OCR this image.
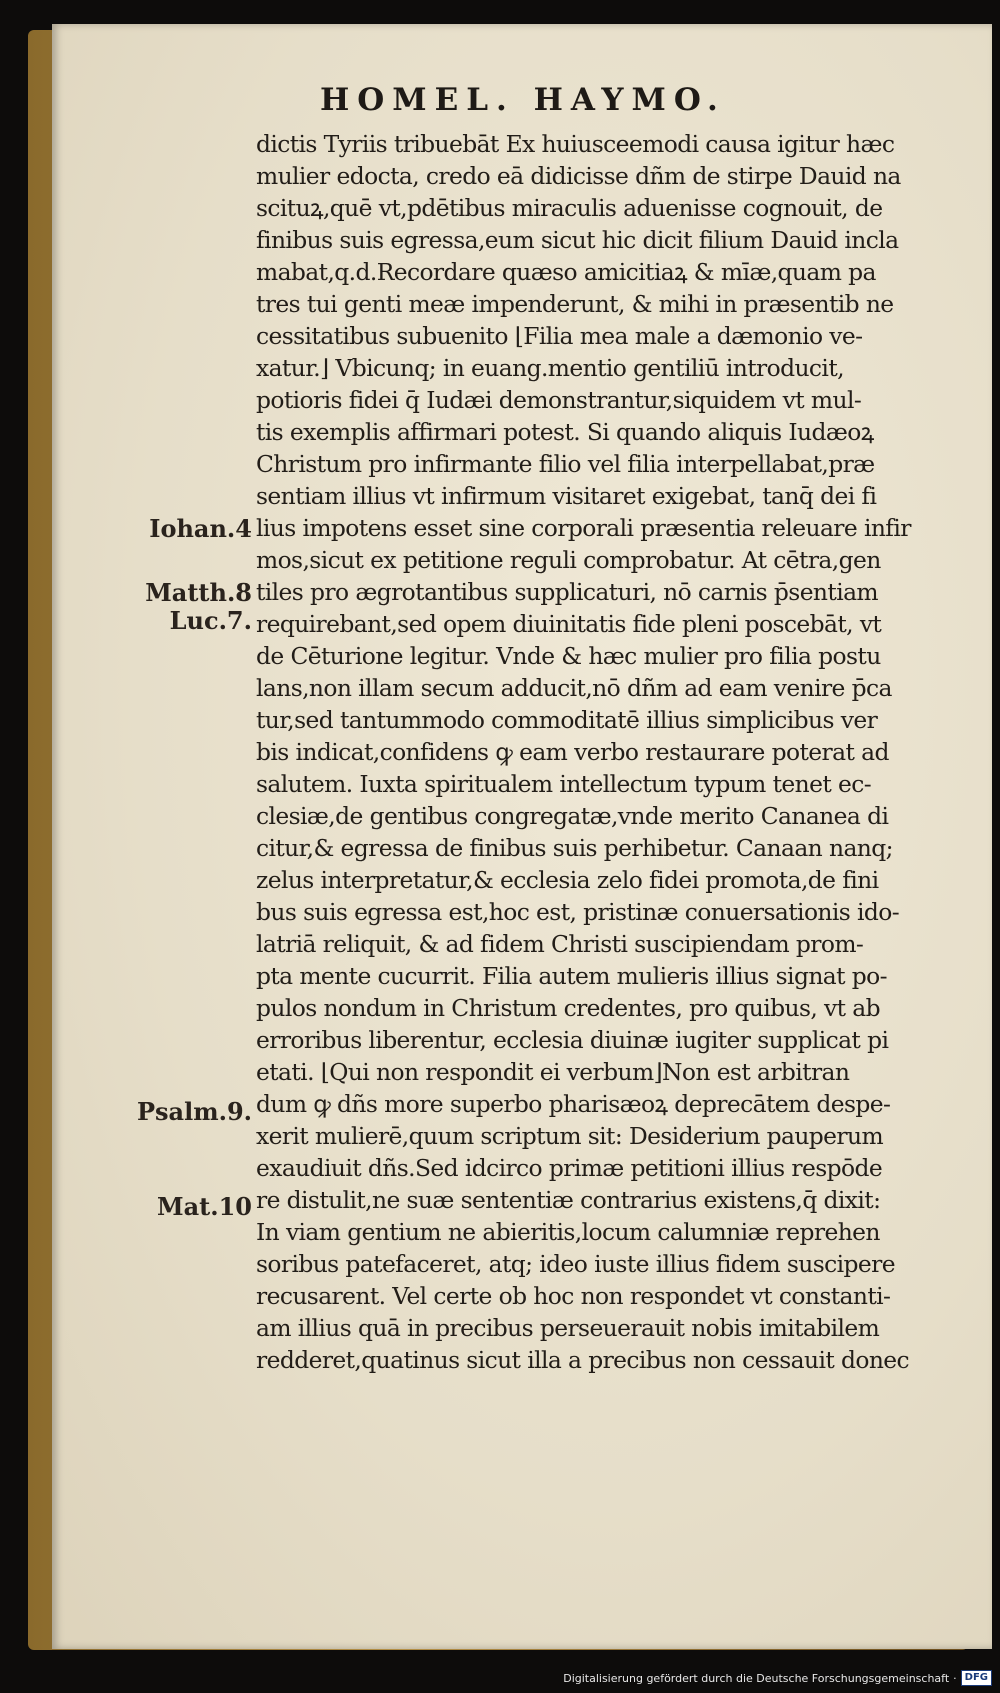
HOMEL. HAYMO.
dictis Tyriis tribuebāt Ex huiusceemodi causa igitur hæc
mulier edocta, credo eā didicisse dñm de stirpe Dauid na
scituꝝ,quē vt,pdētibus miraculis aduenisse cognouit, de
finibus suis egressa,eum sicut hic dicit filium Dauid incla
mabat,q.d.Recordare quæso amicitiaꝝ & mīæ,quam pa
tres tui genti meæ impenderunt, & mihi in præsentib ne
cessitatibus subuenito ⌊Filia mea male a dæmonio ve-
xatur.⌋ Vbicunq; in euang.mentio gentiliū introducit,
potioris fidei q̄ Iudæi demonstrantur,siquidem vt mul-
tis exemplis affirmari potest. Si quando aliquis Iudæoꝝ
Christum pro infirmante filio vel filia interpellabat,præ
sentiam illius vt infirmum visitaret exigebat, tanq̄ dei fi
lius impotens esset sine corporali præsentia releuare infir
mos,sicut ex petitione reguli comprobatur. At cētra,gen
tiles pro ægrotantibus supplicaturi, nō carnis p̄sentiam
requirebant,sed opem diuinitatis fide pleni poscebāt, vt
de Cēturione legitur. Vnde & hæc mulier pro filia postu
lans,non illam secum adducit,nō dñm ad eam venire p̄ca
tur,sed tantummodo commoditatē illius simplicibus ver
bis indicat,confidens ꝙ eam verbo restaurare poterat ad
salutem. Iuxta spiritualem intellectum typum tenet ec-
clesiæ,de gentibus congregatæ,vnde merito Cananea di
citur,& egressa de finibus suis perhibetur. Canaan nanq;
zelus interpretatur,& ecclesia zelo fidei promota,de fini
bus suis egressa est,hoc est, pristinæ conuersationis ido-
latriā reliquit, & ad fidem Christi suscipiendam prom-
pta mente cucurrit. Filia autem mulieris illius signat po-
pulos nondum in Christum credentes, pro quibus, vt ab
erroribus liberentur, ecclesia diuinæ iugiter supplicat pi
etati. ⌊Qui non respondit ei verbum⌋Non est arbitran
dum ꝙ dñs more superbo pharisæoꝝ deprecātem despe-
xerit mulierē,quum scriptum sit: Desiderium pauperum
exaudiuit dñs.Sed idcirco primæ petitioni illius respōde
re distulit,ne suæ sententiæ contrarius existens,q̄ dixit:
In viam gentium ne abieritis,locum calumniæ reprehen
soribus patefaceret, atq; ideo iuste illius fidem suscipere
recusarent. Vel certe ob hoc non respondet vt constanti-
am illius quā in precibus perseuerauit nobis imitabilem
redderet,quatinus sicut illa a precibus non cessauit donec
Iohan.4
Matth.8
Luc.7.
Psalm.9.
Mat.10
Digitalisierung gefördert durch die Deutsche Forschungsgemeinschaft · DFG
